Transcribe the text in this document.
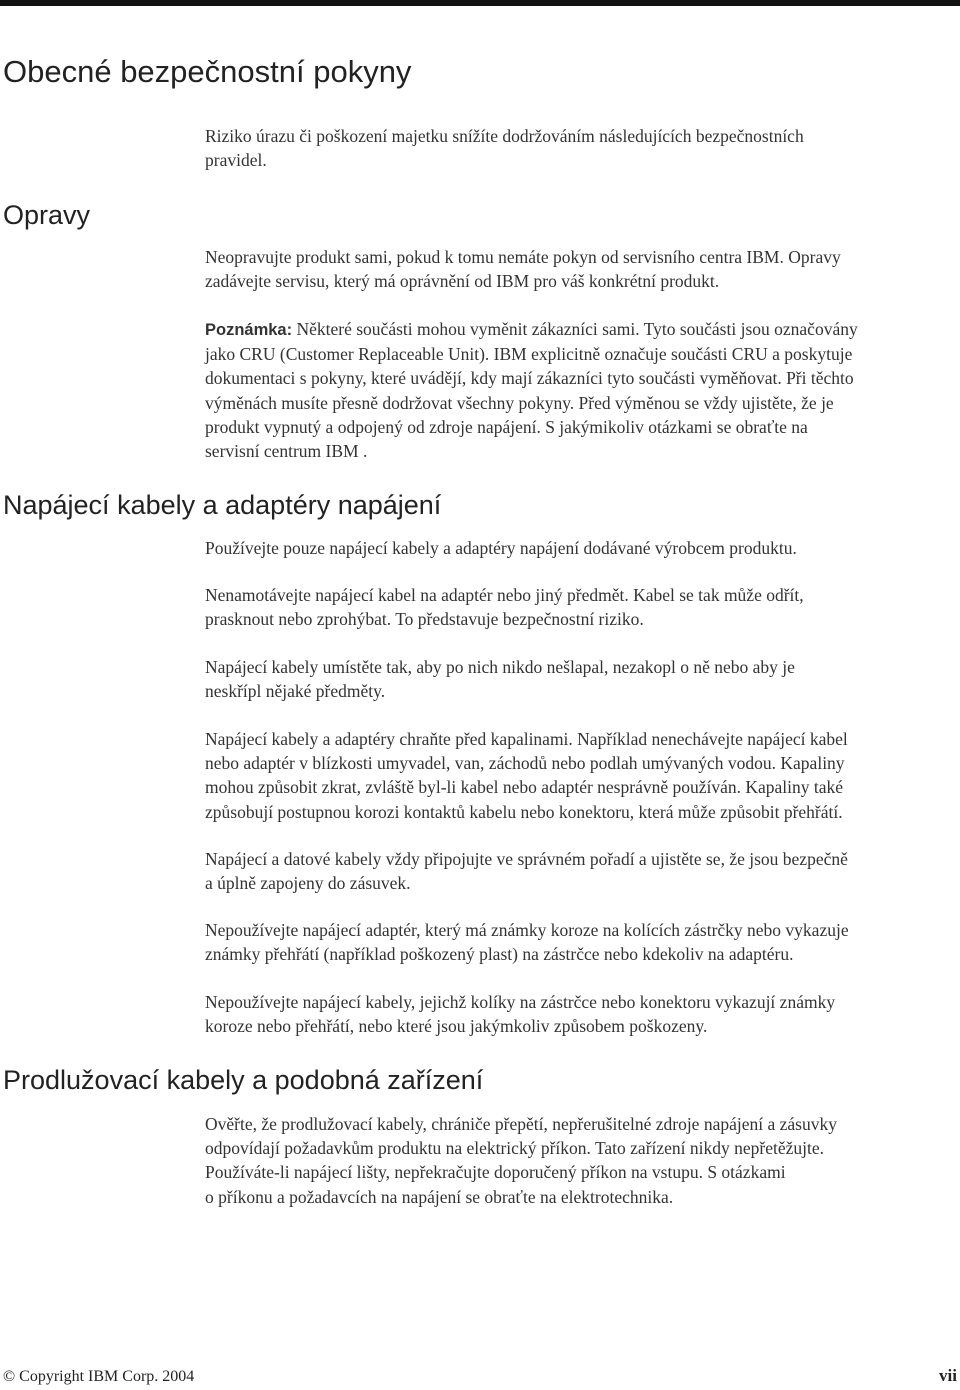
Obecné bezpečnostní pokyny

Riziko úrazu či poškození majetku snížíte dodržováním následujících bezpečnostních
pravidel.

Opravy

Neopravujte produkt sami, pokud k tomu nemáte pokyn od servisního centra IBM. Opravy
zadávejte servisu, který má oprávnění od IBM pro váš konkrétní produkt.

Poznámka: Některé součásti mohou vyměnit zákazníci sami. Tyto součásti jsou označovány
jako CRU (Customer Replaceable Unit). IBM explicitně označuje součásti CRU a poskytuje
dokumentaci s pokyny, které uvádějí, kdy mají zákazníci tyto součásti vyměňovat. Při těchto
výměnách musíte přesně dodržovat všechny pokyny. Před výměnou se vždy ujistěte, že je
produkt vypnutý a odpojený od zdroje napájení. S jakýmikoliv otázkami se obraťte na
servisní centrum IBM .

Napájecí kabely a adaptéry napájení

Používejte pouze napájecí kabely a adaptéry napájení dodávané výrobcem produktu.

Nenamotávejte napájecí kabel na adaptér nebo jiný předmět. Kabel se tak může odřít,
prasknout nebo zprohýbat. To představuje bezpečnostní riziko.

Napájecí kabely umístěte tak, aby po nich nikdo nešlapal, nezakopl o ně nebo aby je
neskřípl nějaké předměty.

Napájecí kabely a adaptéry chraňte před kapalinami. Například nenechávejte napájecí kabel
nebo adaptér v blízkosti umyvadel, van, záchodů nebo podlah umývaných vodou. Kapaliny
mohou způsobit zkrat, zvláště byl-li kabel nebo adaptér nesprávně používán. Kapaliny také
způsobují postupnou korozi kontaktů kabelu nebo konektoru, která může způsobit přehřátí.

Napájecí a datové kabely vždy připojujte ve správném pořadí a ujistěte se, že jsou bezpečně
a úplně zapojeny do zásuvek.

Nepoužívejte napájecí adaptér, který má známky koroze na kolících zástrčky nebo vykazuje
známky přehřátí (například poškozený plast) na zástrčce nebo kdekoliv na adaptéru.

Nepoužívejte napájecí kabely, jejichž kolíky na zástrčce nebo konektoru vykazují známky
koroze nebo přehřátí, nebo které jsou jakýmkoliv způsobem poškozeny.

Prodlužovací kabely a podobná zařízení

Ověřte, že prodlužovací kabely, chrániče přepětí, nepřerušitelné zdroje napájení a zásuvky
odpovídají požadavkům produktu na elektrický příkon. Tato zařízení nikdy nepřetěžujte.
Používáte-li napájecí lišty, nepřekračujte doporučený příkon na vstupu. S otázkami
o příkonu a požadavcích na napájení se obraťte na elektrotechnika.

© Copyright IBM Corp. 2004	vii
